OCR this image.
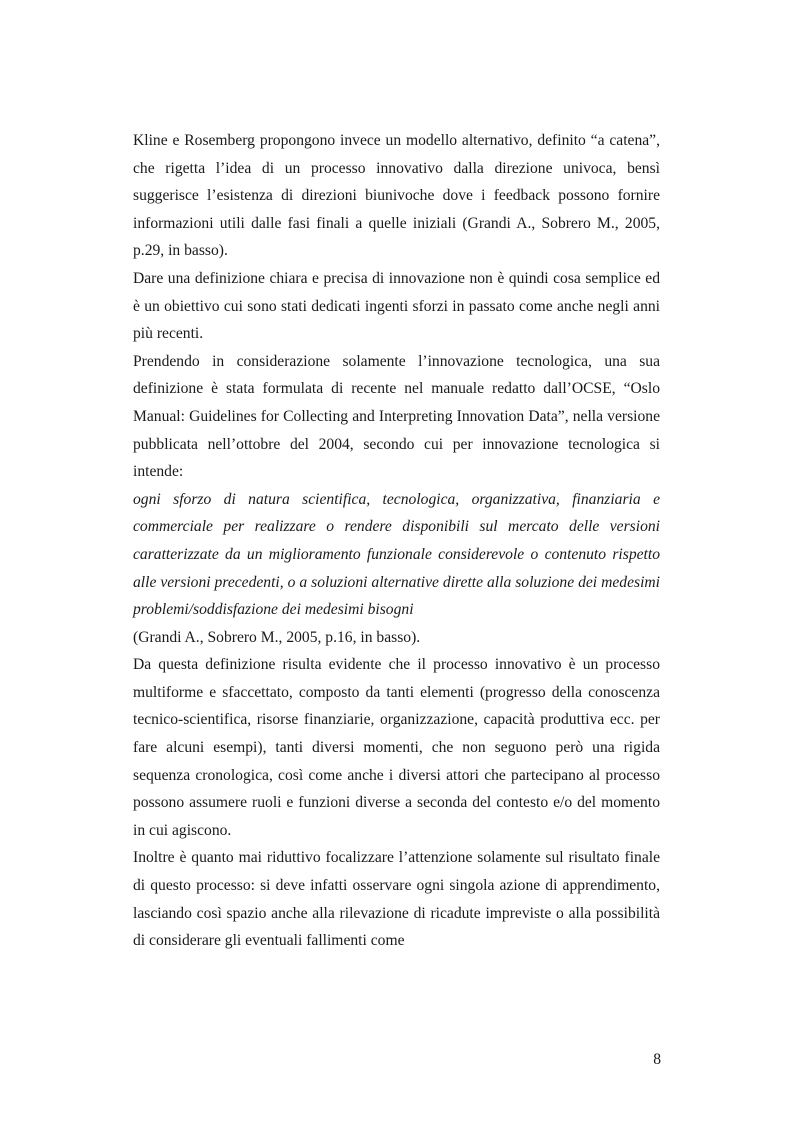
Kline e Rosemberg propongono invece un modello alternativo, definito “a catena”, che rigetta l’idea di un processo innovativo dalla direzione univoca, bensì suggerisce l’esistenza di direzioni biunivoche dove i feedback possono fornire informazioni utili dalle fasi finali a quelle iniziali (Grandi A., Sobrero M., 2005, p.29, in basso).

Dare una definizione chiara e precisa di innovazione non è quindi cosa semplice ed è un obiettivo cui sono stati dedicati ingenti sforzi in passato come anche negli anni più recenti.

Prendendo in considerazione solamente l’innovazione tecnologica, una sua definizione è stata formulata di recente nel manuale redatto dall’OCSE, “Oslo Manual: Guidelines for Collecting and Interpreting Innovation Data”, nella versione pubblicata nell’ottobre del 2004, secondo cui per innovazione tecnologica si intende:

ogni sforzo di natura scientifica, tecnologica, organizzativa, finanziaria e commerciale per realizzare o rendere disponibili sul mercato delle versioni caratterizzate da un miglioramento funzionale considerevole o contenuto rispetto alle versioni precedenti, o a soluzioni alternative dirette alla soluzione dei medesimi problemi/soddisfazione dei medesimi bisogni

(Grandi A., Sobrero M., 2005, p.16, in basso).

Da questa definizione risulta evidente che il processo innovativo è un processo multiforme e sfaccettato, composto da tanti elementi (progresso della conoscenza tecnico-scientifica, risorse finanziarie, organizzazione, capacità produttiva ecc. per fare alcuni esempi), tanti diversi momenti, che non seguono però una rigida sequenza cronologica, così come anche i diversi attori che partecipano al processo possono assumere ruoli e funzioni diverse a seconda del contesto e/o del momento in cui agiscono.

Inoltre è quanto mai riduttivo focalizzare l’attenzione solamente sul risultato finale di questo processo: si deve infatti osservare ogni singola azione di apprendimento, lasciando così spazio anche alla rilevazione di ricadute impreviste o alla possibilità di considerare gli eventuali fallimenti come

8
